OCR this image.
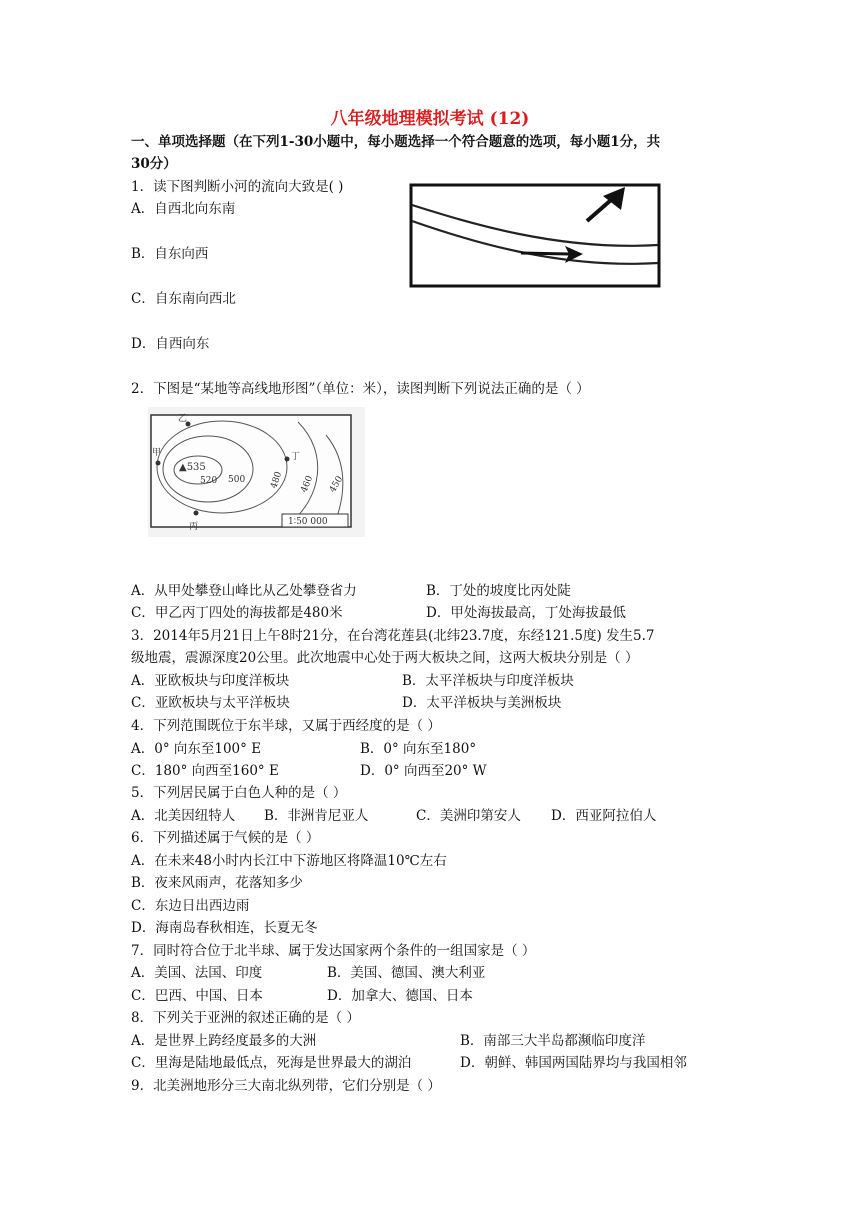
八年级地理模拟考试 (12)
一、单项选择题（在下列1-30小题中，每小题选择一个符合题意的选项，每小题1分，共
30分）
1．读下图判断小河的流向大致是( )
A．自西北向东南
B．自东向西
C．自东南向西北
D．自西向东
2．下图是“某地等高线地形图”（单位：米），读图判断下列说法正确的是（ ）
甲
乙
丙
丁
▲535
520 500	480 460 450
1∶50 000
A．从甲处攀登山峰比从乙处攀登省力	B．丁处的坡度比丙处陡
C．甲乙丙丁四处的海拔都是480米	D．甲处海拔最高，丁处海拔最低
3．2014年5月21日上午8时21分，在台湾花莲县(北纬23.7度，东经121.5度) 发生5.7
级地震，震源深度20公里。此次地震中心处于两大板块之间，这两大板块分别是（ ）
A．亚欧板块与印度洋板块	B．太平洋板块与印度洋板块
C．亚欧板块与太平洋板块	D．太平洋板块与美洲板块
4．下列范围既位于东半球，又属于西经度的是（ ）
A．0° 向东至100° E	B．0° 向东至180°
C．180° 向西至160° E	D．0° 向西至20° W
5．下列居民属于白色人种的是（ ）
A．北美因纽特人 B．非洲肯尼亚人	C．美洲印第安人 D．西亚阿拉伯人
6．下列描述属于气候的是（ ）
A．在未来48小时内长江中下游地区将降温10℃左右
B．夜来风雨声，花落知多少
C．东边日出西边雨
D．海南岛春秋相连，长夏无冬
7．同时符合位于北半球、属于发达国家两个条件的一组国家是（ ）
A．美国、法国、印度	B．美国、德国、澳大利亚
C．巴西、中国、日本	D．加拿大、德国、日本
8．下列关于亚洲的叙述正确的是（ ）
A．是世界上跨经度最多的大洲	B．南部三大半岛都濒临印度洋
C．里海是陆地最低点，死海是世界最大的湖泊	D．朝鲜、韩国两国陆界均与我国相邻
9．北美洲地形分三大南北纵列带，它们分别是（ ）
